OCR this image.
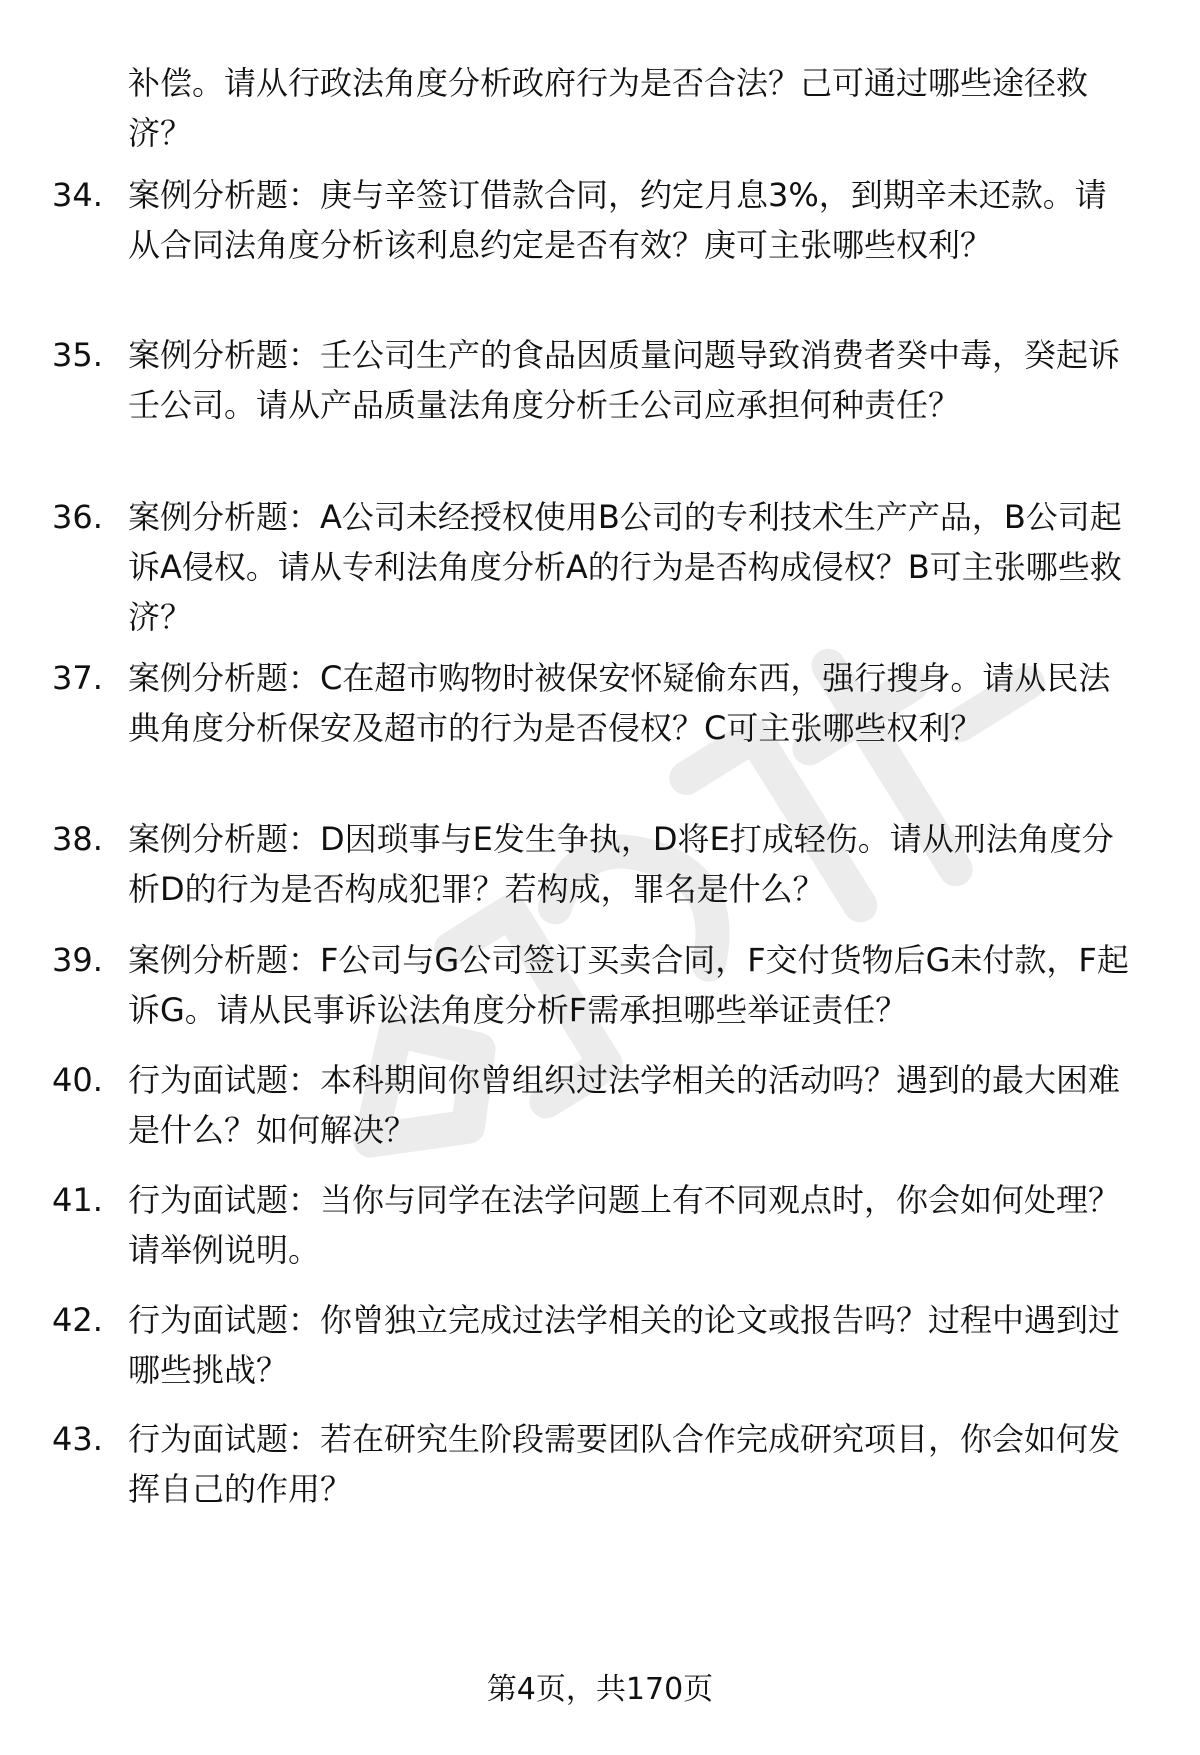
补偿。请从行政法角度分析政府行为是否合法？己可通过哪些途径救济？

34. 案例分析题：庚与辛签订借款合同，约定月息3%，到期辛未还款。请从合同法角度分析该利息约定是否有效？庚可主张哪些权利？
35. 案例分析题：壬公司生产的食品因质量问题导致消费者癸中毒，癸起诉壬公司。请从产品质量法角度分析壬公司应承担何种责任？
36. 案例分析题：A公司未经授权使用B公司的专利技术生产产品，B公司起诉A侵权。请从专利法角度分析A的行为是否构成侵权？B可主张哪些救济？
37. 案例分析题：C在超市购物时被保安怀疑偷东西，强行搜身。请从民法典角度分析保安及超市的行为是否侵权？C可主张哪些权利？
38. 案例分析题：D因琐事与E发生争执，D将E打成轻伤。请从刑法角度分析D的行为是否构成犯罪？若构成，罪名是什么？
39. 案例分析题：F公司与G公司签订买卖合同，F交付货物后G未付款，F起诉G。请从民事诉讼法角度分析F需承担哪些举证责任？
40. 行为面试题：本科期间你曾组织过法学相关的活动吗？遇到的最大困难是什么？如何解决？
41. 行为面试题：当你与同学在法学问题上有不同观点时，你会如何处理？请举例说明。
42. 行为面试题：你曾独立完成过法学相关的论文或报告吗？过程中遇到过哪些挑战？
43. 行为面试题：若在研究生阶段需要团队合作完成研究项目，你会如何发挥自己的作用？
第4页，共170页
